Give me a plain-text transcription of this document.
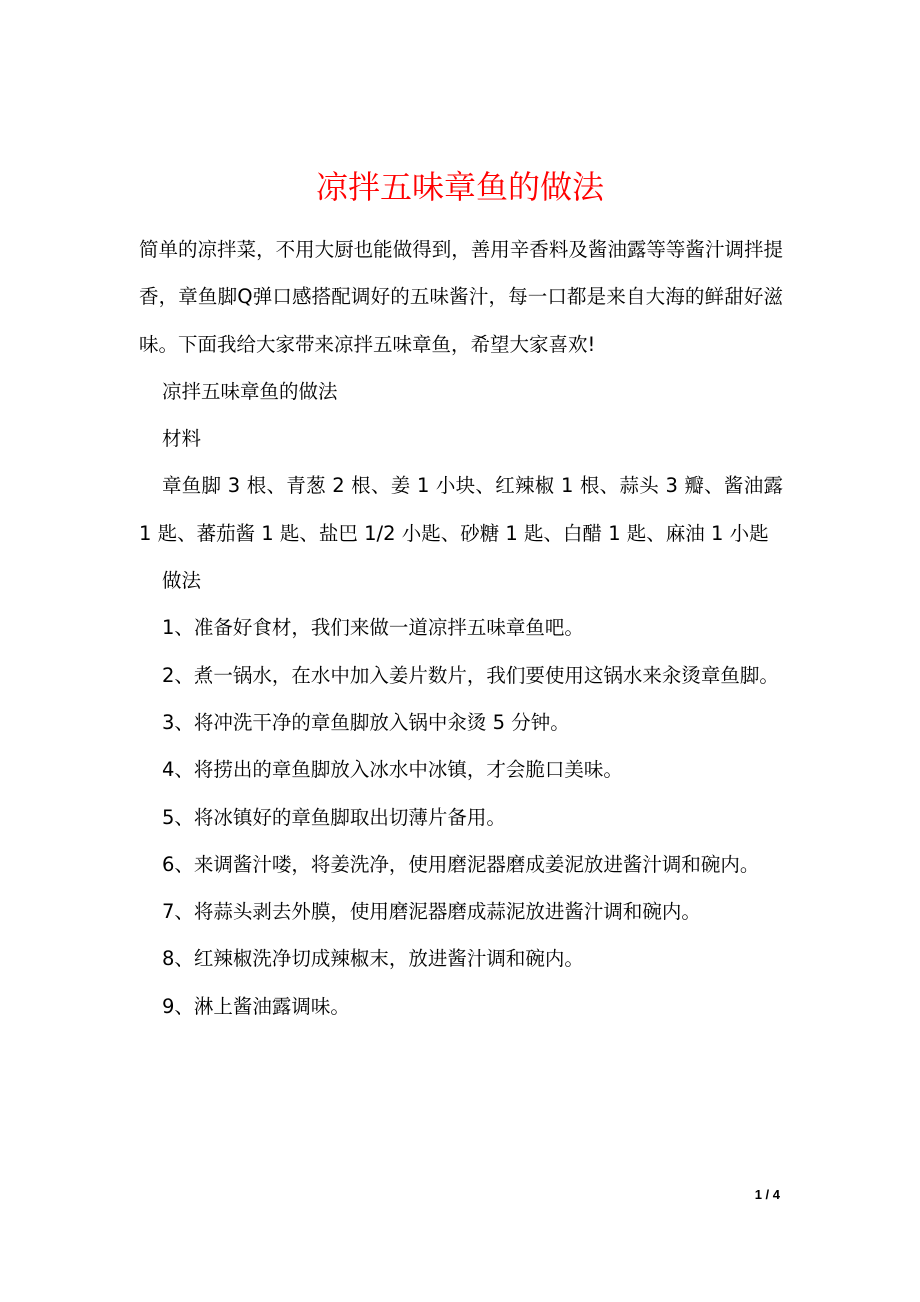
凉拌五味章鱼的做法

简单的凉拌菜，不用大厨也能做得到，善用辛香料及酱油露等等酱汁调拌提香，章鱼脚Q弹口感搭配调好的五味酱汁，每一口都是来自大海的鲜甜好滋味。下面我给大家带来凉拌五味章鱼，希望大家喜欢!

凉拌五味章鱼的做法

材料

章鱼脚 3 根、青葱 2 根、姜 1 小块、红辣椒 1 根、蒜头 3 瓣、酱油露 1 匙、蕃茄酱 1 匙、盐巴 1/2 小匙、砂糖 1 匙、白醋 1 匙、麻油 1 小匙

做法

1、准备好食材，我们来做一道凉拌五味章鱼吧。

2、煮一锅水，在水中加入姜片数片，我们要使用这锅水来汆烫章鱼脚。

3、将冲洗干净的章鱼脚放入锅中汆烫 5 分钟。

4、将捞出的章鱼脚放入冰水中冰镇，才会脆口美味。

5、将冰镇好的章鱼脚取出切薄片备用。

6、来调酱汁喽，将姜洗净，使用磨泥器磨成姜泥放进酱汁调和碗内。

7、将蒜头剥去外膜，使用磨泥器磨成蒜泥放进酱汁调和碗内。

8、红辣椒洗净切成辣椒末，放进酱汁调和碗内。

9、淋上酱油露调味。

1 / 4
